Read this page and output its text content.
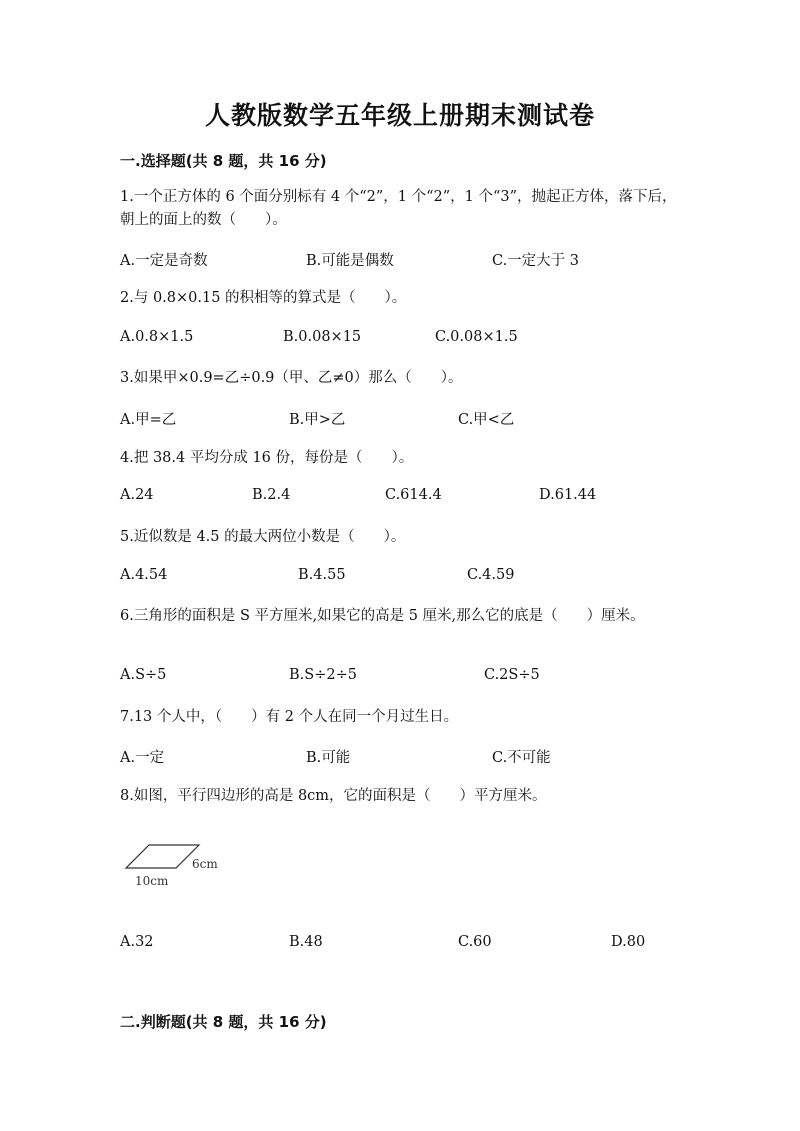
人教版数学五年级上册期末测试卷
一.选择题(共 8 题，共 16 分)
1.一个正方体的 6 个面分别标有 4 个“2”，1 个“2”，1 个“3”，抛起正方体，落下后，朝上的面上的数（　　）。
A.一定是奇数	B.可能是偶数	C.一定大于 3
2.与 0.8×0.15 的积相等的算式是（　　）。
A.0.8×1.5	B.0.08×15	C.0.08×1.5
3.如果甲×0.9=乙÷0.9（甲、乙≠0）那么（　　）。
A.甲=乙	B.甲>乙	C.甲<乙
4.把 38.4 平均分成 16 份，每份是（　　）。
A.24	B.2.4	C.614.4	D.61.44
5.近似数是 4.5 的最大两位小数是（　　）。
A.4.54	B.4.55	C.4.59
6.三角形的面积是 S 平方厘米,如果它的高是 5 厘米,那么它的底是（　　）厘米。
A.S÷5	B.S÷2÷5	C.2S÷5
7.13 个人中，（　　）有 2 个人在同一个月过生日。
A.一定	B.可能	C.不可能
8.如图，平行四边形的高是 8cm，它的面积是（　　）平方厘米。
6cm
10cm
A.32	B.48	C.60	D.80
二.判断题(共 8 题，共 16 分)
